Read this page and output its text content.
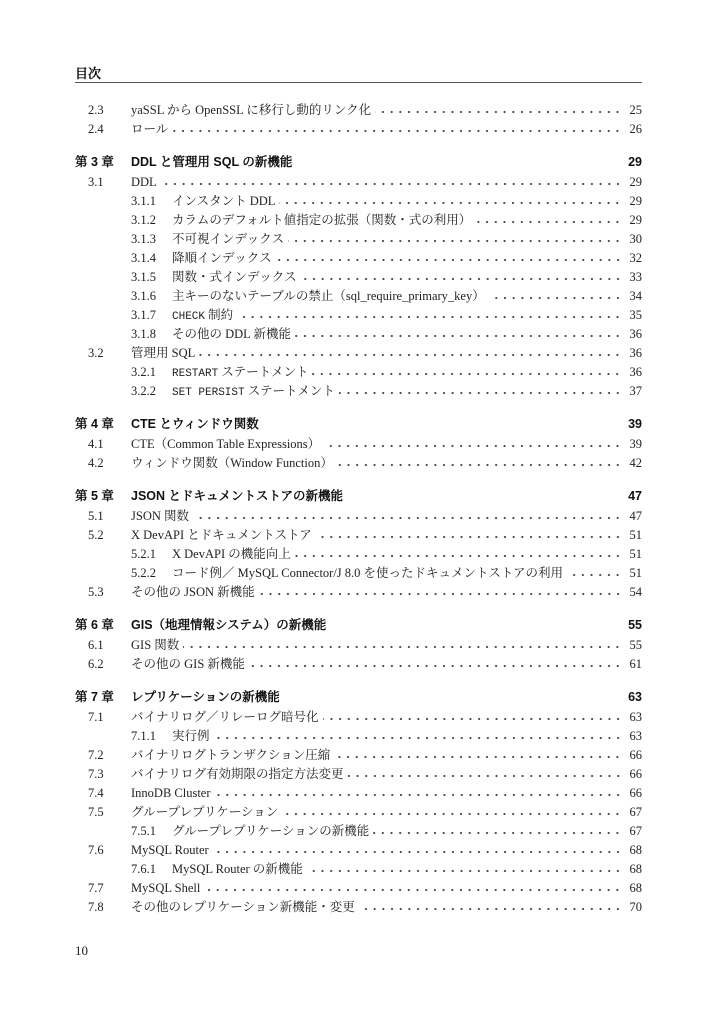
目次
2.3	yaSSL から OpenSSL に移行し動的リンク化	25
2.4	ロール	26
第 3 章	DDL と管理用 SQL の新機能	29
3.1	DDL	29
3.1.1	インスタント DDL	29
3.1.2	カラムのデフォルト値指定の拡張（関数・式の利用）	29
3.1.3	不可視インデックス	30
3.1.4	降順インデックス	32
3.1.5	関数・式インデックス	33
3.1.6	主キーのないテーブルの禁止（sql_require_primary_key）	34
3.1.7	CHECK 制約	35
3.1.8	その他の DDL 新機能	36
3.2	管理用 SQL	36
3.2.1	RESTART ステートメント	36
3.2.2	SET PERSIST ステートメント	37
第 4 章	CTE とウィンドウ関数	39
4.1	CTE（Common Table Expressions）	39
4.2	ウィンドウ関数（Window Function）	42
第 5 章	JSON とドキュメントストアの新機能	47
5.1	JSON 関数	47
5.2	X DevAPI とドキュメントストア	51
5.2.1	X DevAPI の機能向上	51
5.2.2	コード例／ MySQL Connector/J 8.0 を使ったドキュメントストアの利用	51
5.3	その他の JSON 新機能	54
第 6 章	GIS（地理情報システム）の新機能	55
6.1	GIS 関数	55
6.2	その他の GIS 新機能	61
第 7 章	レプリケーションの新機能	63
7.1	バイナリログ／リレーログ暗号化	63
7.1.1	実行例	63
7.2	バイナリログトランザクション圧縮	66
7.3	バイナリログ有効期限の指定方法変更	66
7.4	InnoDB Cluster	66
7.5	グループレプリケーション	67
7.5.1	グループレプリケーションの新機能	67
7.6	MySQL Router	68
7.6.1	MySQL Router の新機能	68
7.7	MySQL Shell	68
7.8	その他のレプリケーション新機能・変更	70
10
